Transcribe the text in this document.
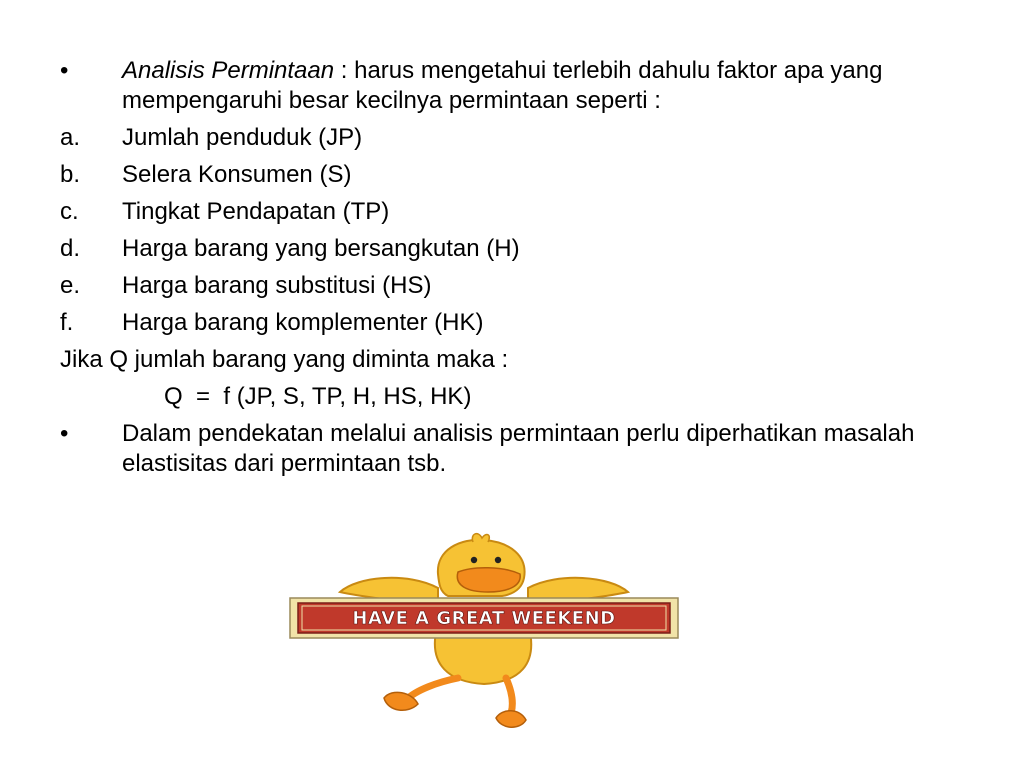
•	Analisis Permintaan : harus mengetahui terlebih dahulu faktor apa yang mempengaruhi besar kecilnya permintaan seperti :
a.	Jumlah penduduk (JP)
b.	Selera Konsumen (S)
c.	Tingkat Pendapatan (TP)
d.	Harga barang yang bersangkutan (H)
e.	Harga barang substitusi (HS)
f.	Harga barang komplementer (HK)
Jika Q jumlah barang yang diminta maka :
Q  =  f (JP, S, TP, H, HS, HK)
•	Dalam pendekatan melalui analisis permintaan perlu diperhatikan masalah elastisitas dari permintaan tsb.
HAVE A GREAT WEEKEND
